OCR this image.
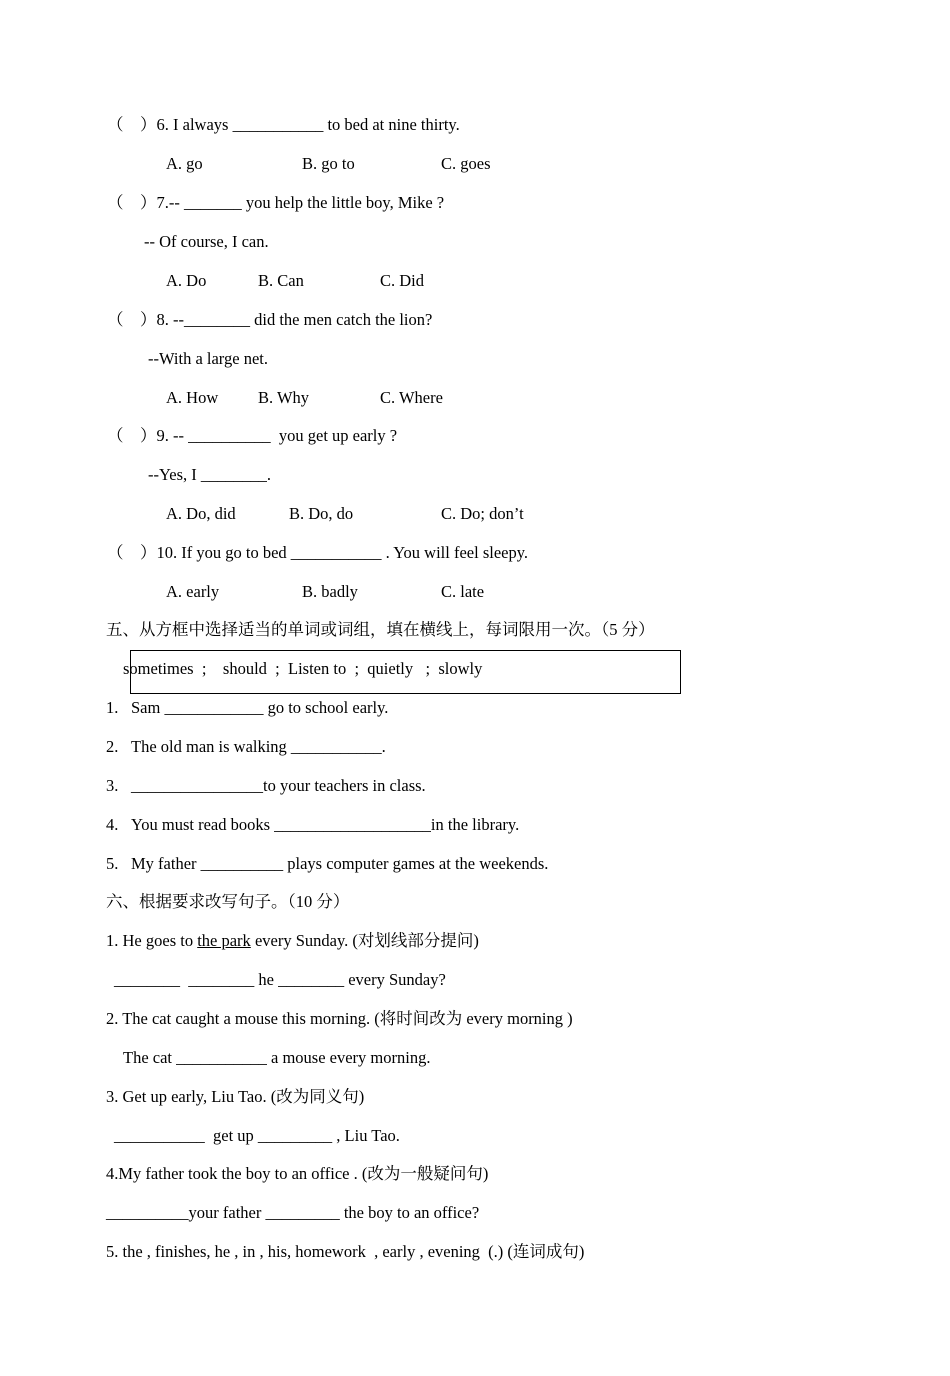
（    ）6. I always ___________ to bed at nine thirty.
A. go	B. go to	C. goes
（    ）7.-- _______ you help the little boy, Mike ?
-- Of course, I can.
A. Do	B. Can	C. Did
（    ）8. --________ did the men catch the lion?
--With a large net.
A. How B. Why	C. Where
（    ）9. -- __________  you get up early ?
--Yes, I ________.
A. Do, did	B. Do, do	C. Do; don’t
（    ）10. If you go to bed ___________ . You will feel sleepy.
A. early	B. badly	C. late
五、从方框中选择适当的单词或词组，填在横线上，每词限用一次。（5 分）
sometimes  ;    should  ;  Listen to  ;  quietly   ;  slowly
1. Sam ____________ go to school early.
2. The old man is walking ___________.
3. ________________to your teachers in class.
4. You must read books ___________________in the library.
5. My father __________ plays computer games at the weekends.
六、根据要求改写句子。（10 分）
1. He goes to the park every Sunday. (对划线部分提问)
________  ________ he ________ every Sunday?
2. The cat caught a mouse this morning. (将时间改为 every morning )
The cat ___________ a mouse every morning.
3. Get up early, Liu Tao. (改为同义句)
___________  get up _________ , Liu Tao.
4.My father took the boy to an office . (改为一般疑问句)
__________your father _________ the boy to an office?
5. the , finishes, he , in , his, homework  , early , evening  (.) (连词成句)
